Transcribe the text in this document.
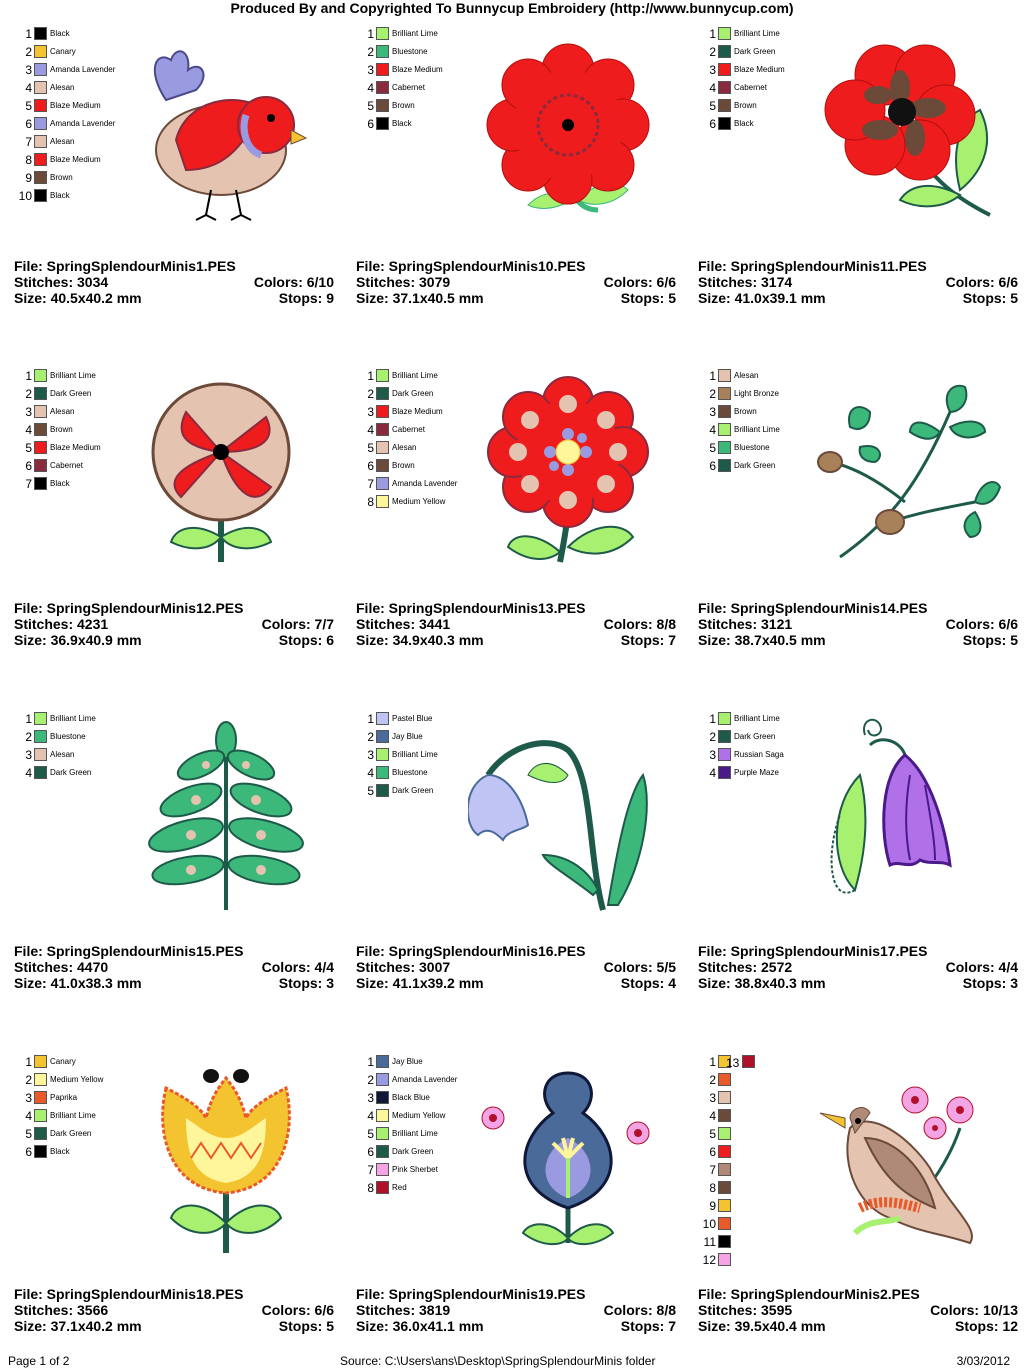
Produced By and Copyrighted To Bunnycup Embroidery (http://www.bunnycup.com)
1 Black
2 Canary
3 Amanda Lavender
4 Alesan
5 Blaze Medium
6 Amanda Lavender
7 Alesan
8 Blaze Medium
9 Brown
10 Black
File: SpringSplendourMinis1.PES
Stitches: 3034	Colors: 6/10
Size: 40.5x40.2 mm	Stops: 9
1 Brilliant Lime
2 Bluestone
3 Blaze Medium
4 Cabernet
5 Brown
6 Black
File: SpringSplendourMinis10.PES
Stitches: 3079	Colors: 6/6
Size: 37.1x40.5 mm	Stops: 5
1 Brilliant Lime
2 Dark Green
3 Blaze Medium
4 Cabernet
5 Brown
6 Black
File: SpringSplendourMinis11.PES
Stitches: 3174	Colors: 6/6
Size: 41.0x39.1 mm	Stops: 5
1 Brilliant Lime
2 Dark Green
3 Alesan
4 Brown
5 Blaze Medium
6 Cabernet
7 Black
File: SpringSplendourMinis12.PES
Stitches: 4231	Colors: 7/7
Size: 36.9x40.9 mm	Stops: 6
1 Brilliant Lime
2 Dark Green
3 Blaze Medium
4 Cabernet
5 Alesan
6 Brown
7 Amanda Lavender
8 Medium Yellow
File: SpringSplendourMinis13.PES
Stitches: 3441	Colors: 8/8
Size: 34.9x40.3 mm	Stops: 7
1 Alesan
2 Light Bronze
3 Brown
4 Brilliant Lime
5 Bluestone
6 Dark Green
File: SpringSplendourMinis14.PES
Stitches: 3121	Colors: 6/6
Size: 38.7x40.5 mm	Stops: 5
1 Brilliant Lime
2 Bluestone
3 Alesan
4 Dark Green
File: SpringSplendourMinis15.PES
Stitches: 4470	Colors: 4/4
Size: 41.0x38.3 mm	Stops: 3
1 Pastel Blue
2 Jay Blue
3 Brilliant Lime
4 Bluestone
5 Dark Green
File: SpringSplendourMinis16.PES
Stitches: 3007	Colors: 5/5
Size: 41.1x39.2 mm	Stops: 4
1 Brilliant Lime
2 Dark Green
3 Russian Saga
4 Purple Maze
File: SpringSplendourMinis17.PES
Stitches: 2572	Colors: 4/4
Size: 38.8x40.3 mm	Stops: 3
1 Canary
2 Medium Yellow
3 Paprika
4 Brilliant Lime
5 Dark Green
6 Black
File: SpringSplendourMinis18.PES
Stitches: 3566	Colors: 6/6
Size: 37.1x40.2 mm	Stops: 5
1 Jay Blue
2 Amanda Lavender
3 Black Blue
4 Medium Yellow
5 Brilliant Lime
6 Dark Green
7 Pink Sherbet
8 Red
File: SpringSplendourMinis19.PES
Stitches: 3819	Colors: 8/8
Size: 36.0x41.1 mm	Stops: 7
1
2
3
4
5
6
7
8
9
10
11
12
13
File: SpringSplendourMinis2.PES
Stitches: 3595	Colors: 10/13
Size: 39.5x40.4 mm	Stops: 12
Page 1 of 2	Source: C:\Users\ans\Desktop\SpringSplendourMinis folder	3/03/2012
